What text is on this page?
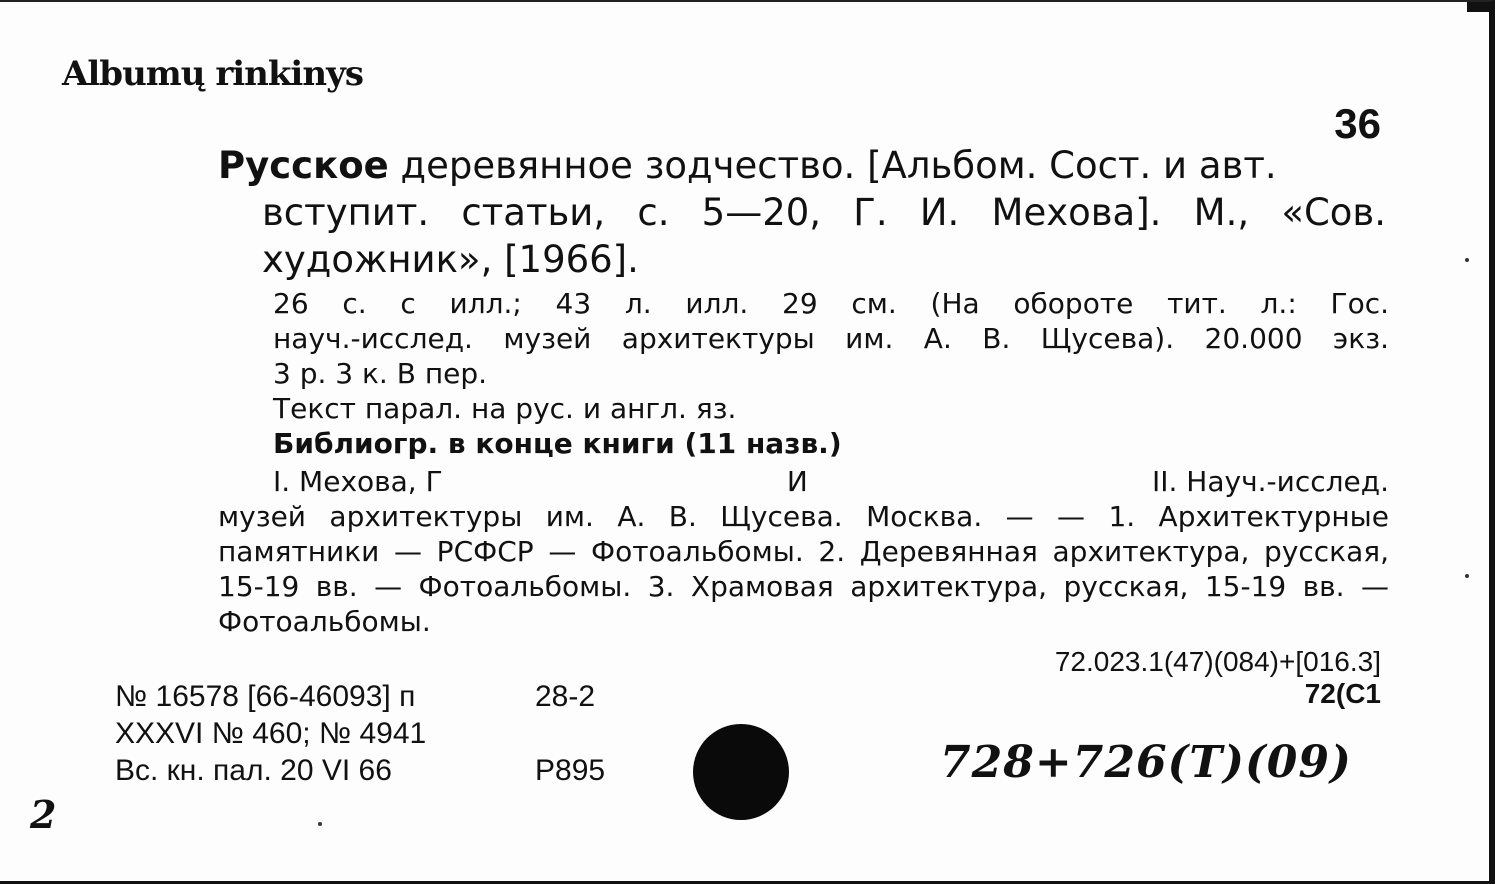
Albumų rinkinys
36
Русское деревянное зодчество. [Альбом. Сост. и авт.
вступит. статьи, с. 5—20, Г. И. Мехова]. М., «Сов. художник», [1966].

26 с. с илл.; 43 л. илл. 29 см. (На обороте тит. л.: Гос.

науч.-исслед. музей архитектуры им. А. В. Щусева). 20.000 экз.

3 р. 3 к. В пер.

Текст парал. на рус. и англ. яз.

Библиогр. в конце книги (11 назв.)

I. Мехова, Г	И	II. Науч.-исслед.
музей архитектуры им. А. В. Щусева. Москва. — — 1. Архитектурные памятники — РСФСР — Фотоальбомы. 2. Деревянная архитектура, русская, 15-19 вв. — Фотоальбомы. 3. Храмовая архитектура, русская, 15-19 вв. — Фотоальбомы.
72.023.1(47)(084)+[016.3]
72(С1
№ 16578 [66-46093] п	28-2
XXXVI № 460; № 4941
Вс. кн. пал. 20 VI 66	Р895	728+726(T)(09)
2
